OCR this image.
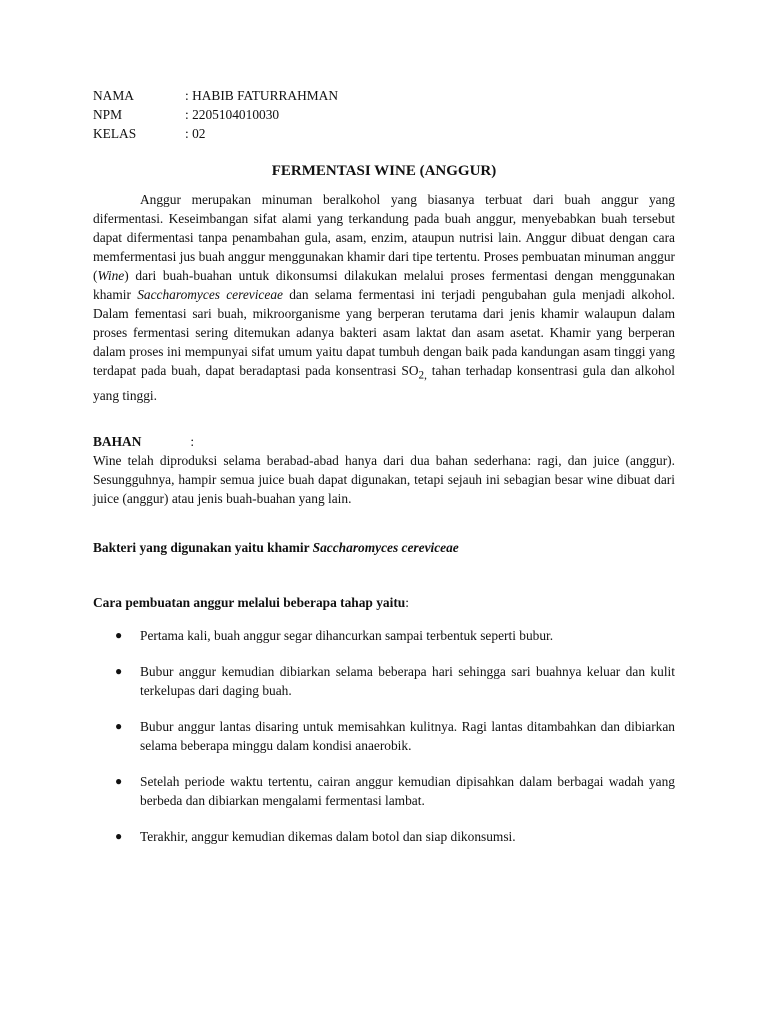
NAMA	: HABIB FATURRAHMAN
NPM	: 2205104010030
KELAS	: 02
FERMENTASI WINE (ANGGUR)

Anggur merupakan minuman beralkohol yang biasanya terbuat dari buah anggur yang difermentasi. Keseimbangan sifat alami yang terkandung pada buah anggur, menyebabkan buah tersebut dapat difermentasi tanpa penambahan gula, asam, enzim, ataupun nutrisi lain. Anggur dibuat dengan cara memfermentasi jus buah anggur menggunakan khamir dari tipe tertentu. Proses pembuatan minuman anggur (Wine) dari buah-buahan untuk dikonsumsi dilakukan melalui proses fermentasi dengan menggunakan khamir Saccharomyces cereviceae dan selama fermentasi ini terjadi pengubahan gula menjadi alkohol. Dalam fementasi sari buah, mikroorganisme yang berperan terutama dari jenis khamir walaupun dalam proses fermentasi sering ditemukan adanya bakteri asam laktat dan asam asetat. Khamir yang berperan dalam proses ini mempunyai sifat umum yaitu dapat tumbuh dengan baik pada kandungan asam tinggi yang terdapat pada buah, dapat beradaptasi pada konsentrasi $SO_{2,}$ tahan terhadap konsentrasi gula dan alkohol yang tinggi.

BAHAN	:

Wine telah diproduksi selama berabad-abad hanya dari dua bahan sederhana: ragi, dan juice (anggur). Sesungguhnya, hampir semua juice buah dapat digunakan, tetapi sejauh ini sebagian besar wine dibuat dari juice (anggur) atau jenis buah-buahan yang lain.

Bakteri yang digunakan yaitu khamir Saccharomyces cereviceae
Cara pembuatan anggur melalui beberapa tahap yaitu:
●	Pertama kali, buah anggur segar dihancurkan sampai terbentuk seperti bubur.
●	Bubur anggur kemudian dibiarkan selama beberapa hari sehingga sari buahnya keluar dan kulit terkelupas dari daging buah.
●	Bubur anggur lantas disaring untuk memisahkan kulitnya. Ragi lantas ditambahkan dan dibiarkan selama beberapa minggu dalam kondisi anaerobik.
●	Setelah periode waktu tertentu, cairan anggur kemudian dipisahkan dalam berbagai wadah yang berbeda dan dibiarkan mengalami fermentasi lambat.
●	Terakhir, anggur kemudian dikemas dalam botol dan siap dikonsumsi.
